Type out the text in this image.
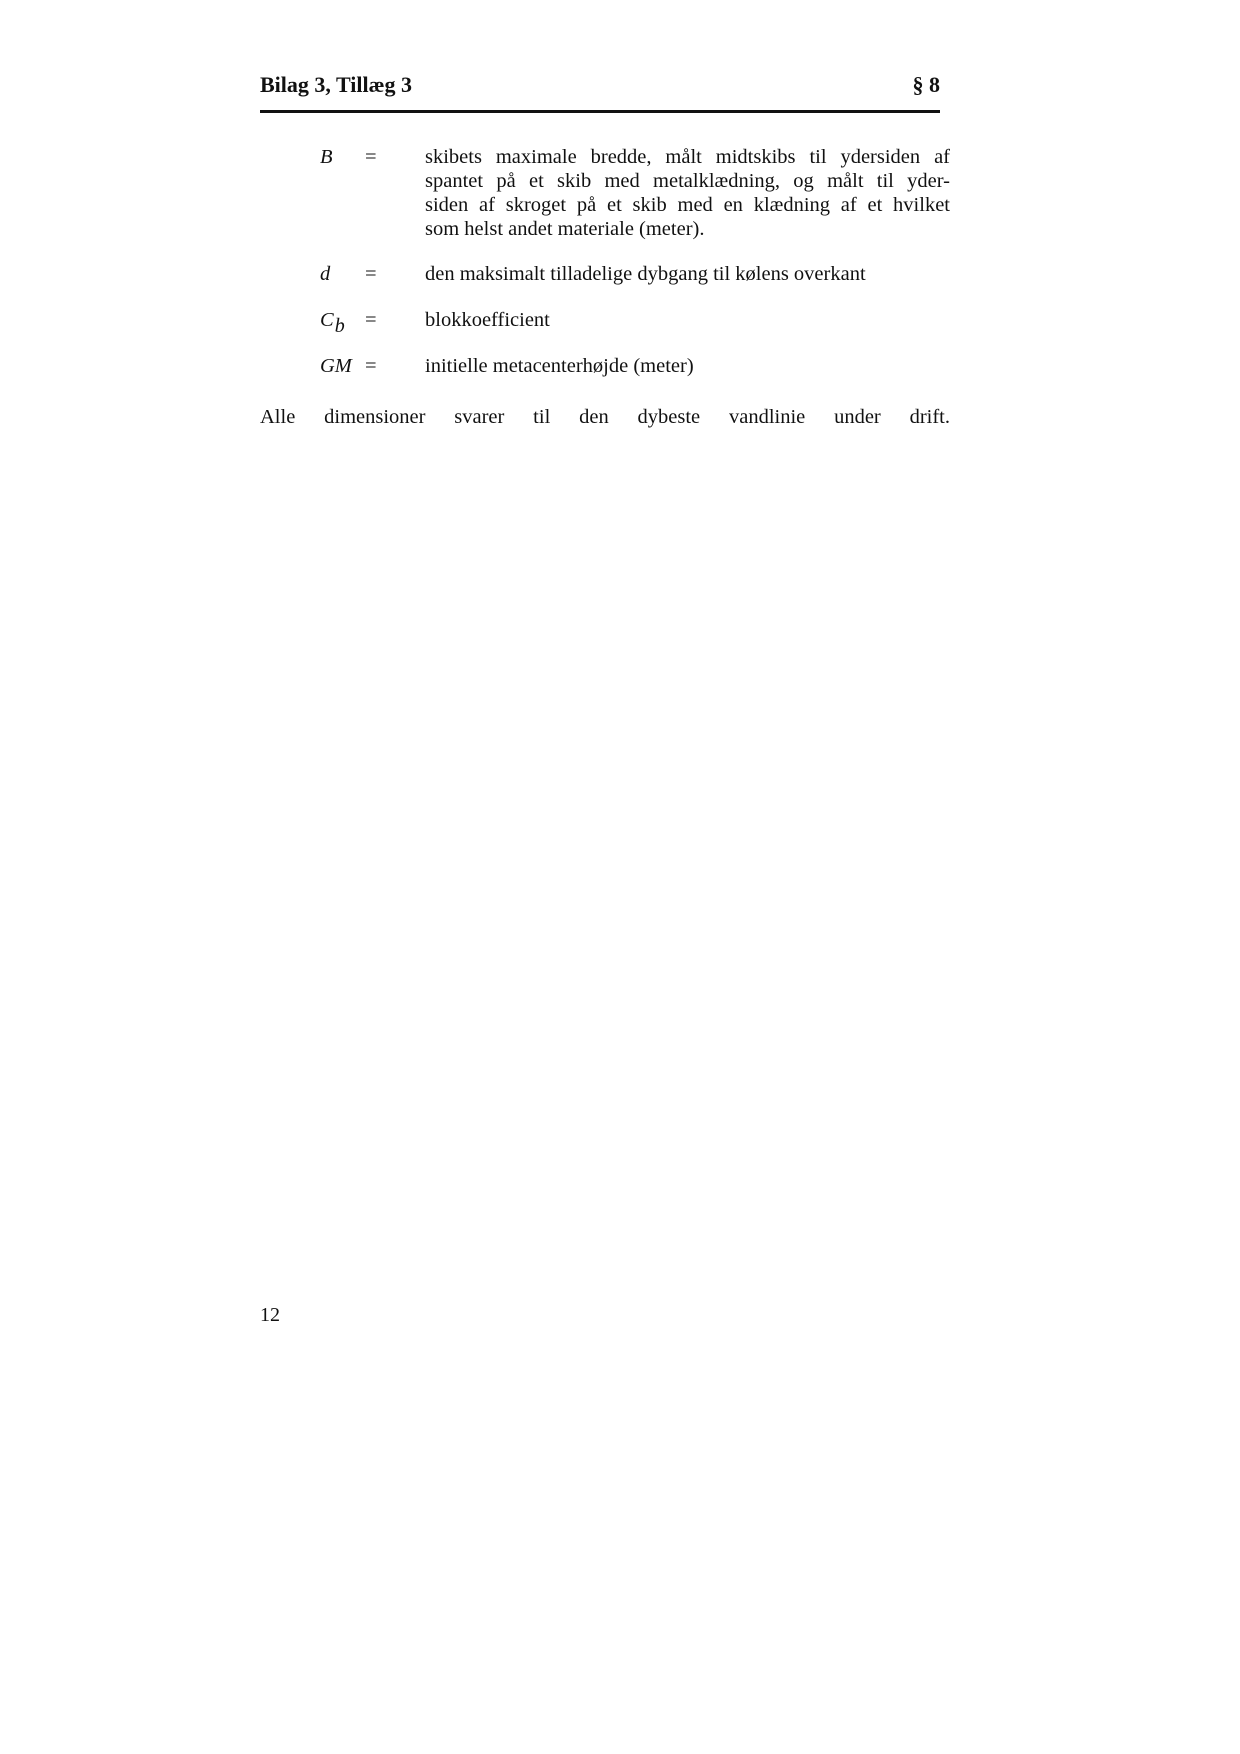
Bilag 3, Tillæg 3	§ 8
B = skibets maximale bredde, målt midtskibs til ydersiden af
spantet på et skib med metalklædning, og målt til yder-
siden af skroget på et skib med en klædning af et hvilket
som helst andet materiale (meter).
d = den maksimalt tilladelige dybgang til kølens overkant
Cb = blokkoefficient
GM = initielle metacenterhøjde (meter)
Alle dimensioner svarer til den dybeste vandlinie under drift.
12
